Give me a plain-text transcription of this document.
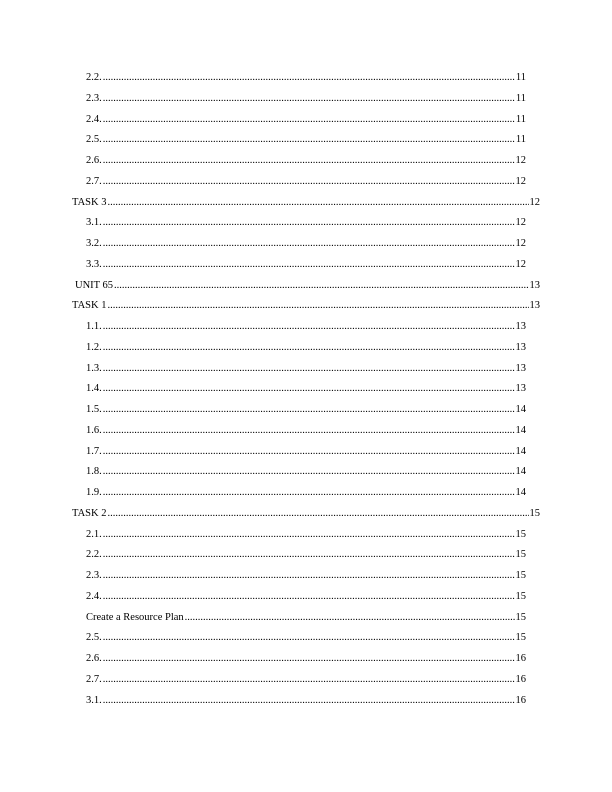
2.2. .....	11
2.3. .....	11
2.4. .....	11
2.5. .....	11
2.6. .....	12
2.7. .....	12
TASK 3 .....	12
3.1. .....	12
3.2. .....	12
3.3. .....	12
UNIT 65 .....	13
TASK 1 .....	13
1.1. .....	13
1.2. .....	13
1.3. .....	13
1.4. .....	13
1.5. .....	14
1.6. .....	14
1.7. .....	14
1.8. .....	14
1.9. .....	14
TASK 2 .....	15
2.1. .....	15
2.2. .....	15
2.3. .....	15
2.4. .....	15
Create a Resource Plan .....	15
2.5. .....	15
2.6. .....	16
2.7. .....	16
3.1. .....	16
